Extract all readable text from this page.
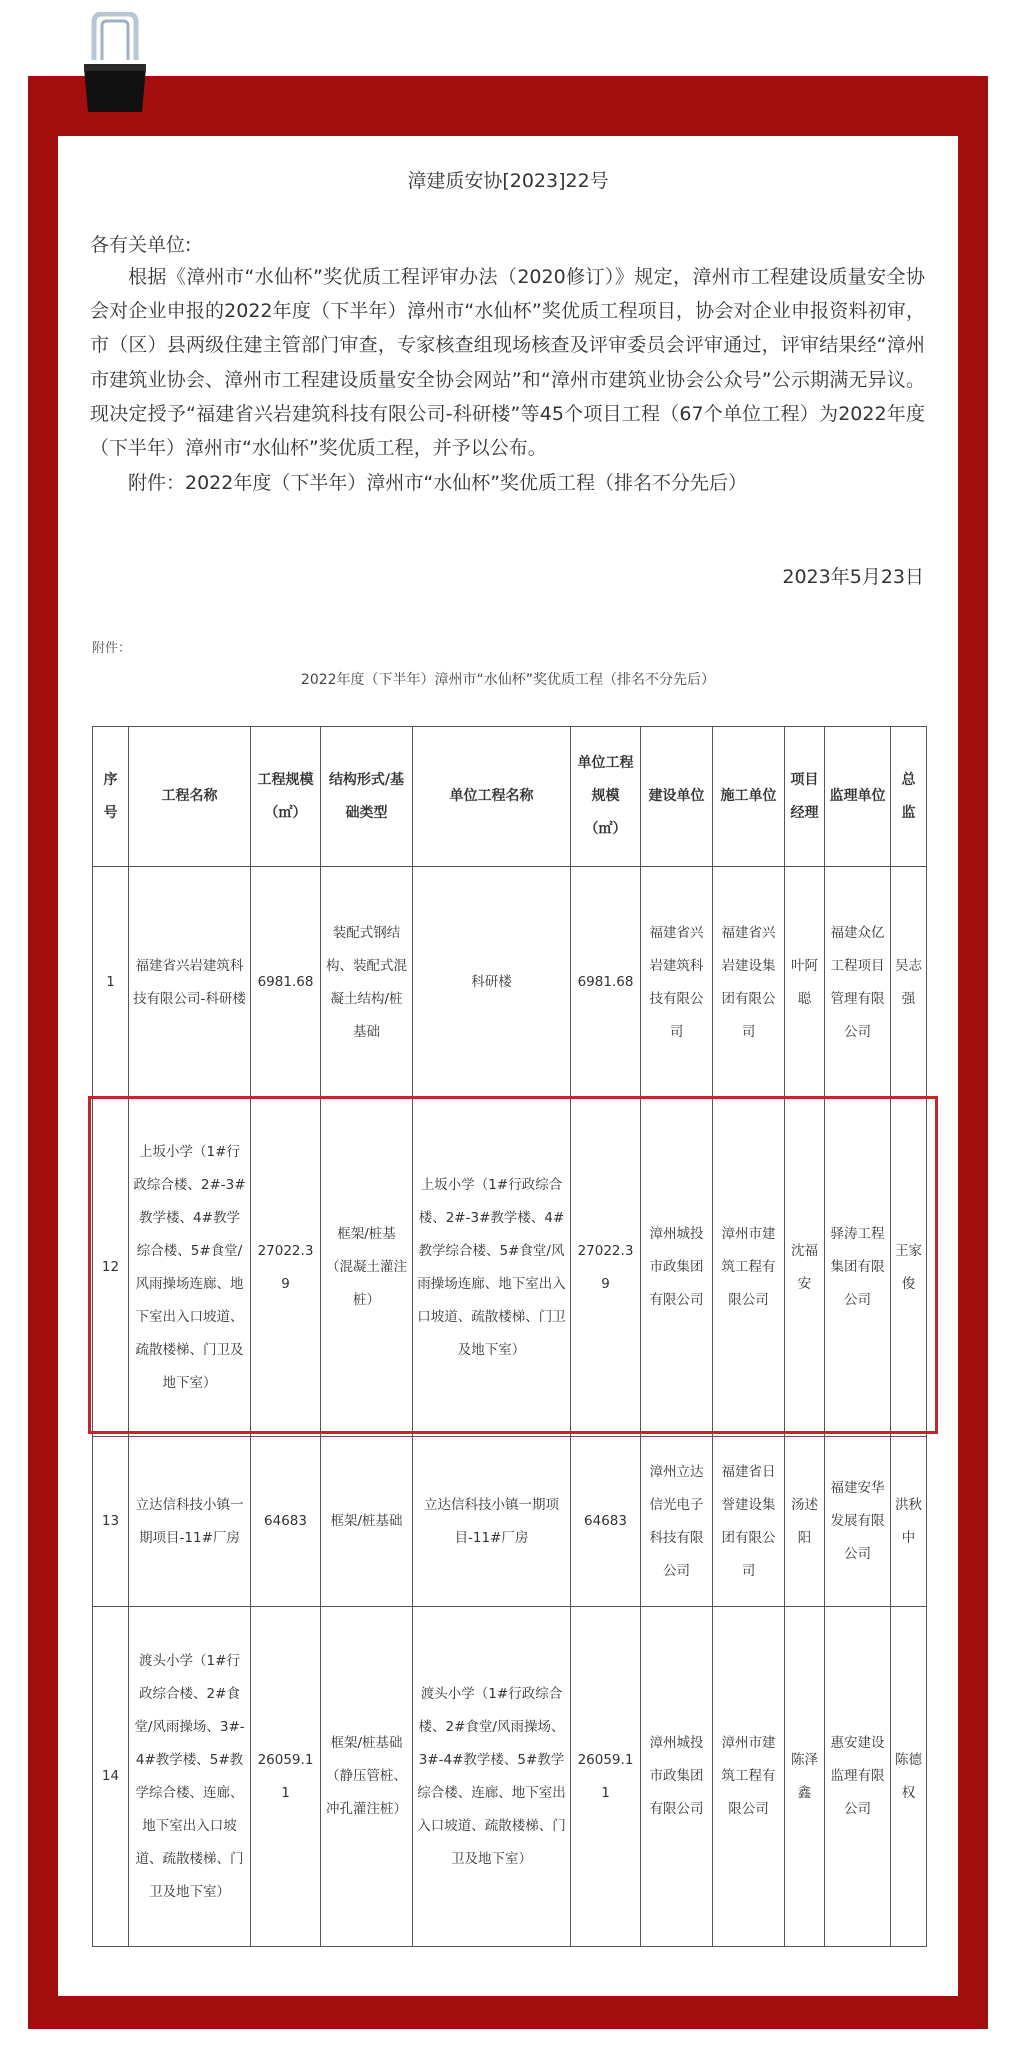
漳建质安协[2023]22号
各有关单位:

根据《漳州市“水仙杯”奖优质工程评审办法（2020修订）》规定，漳州市工程建设质量安全协会对企业申报的2022年度（下半年）漳州市“水仙杯”奖优质工程项目，协会对企业申报资料初审，市（区）县两级住建主管部门审查，专家核查组现场核查及评审委员会评审通过，评审结果经“漳州市建筑业协会、漳州市工程建设质量安全协会网站”和“漳州市建筑业协会公众号”公示期满无异议。现决定授予“福建省兴岩建筑科技有限公司-科研楼”等45个项目工程（67个单位工程）为2022年度（下半年）漳州市“水仙杯”奖优质工程，并予以公布。

附件：2022年度（下半年）漳州市“水仙杯”奖优质工程（排名不分先后）

2023年5月23日
附件：
2022年度（下半年）漳州市“水仙杯”奖优质工程（排名不分先后）
序号	工程名称	工程规模（㎡）	结构形式/基础类型	单位工程名称	单位工程规模（㎡）	建设单位	施工单位	项目经理	监理单位	总监
1	福建省兴岩建筑科技有限公司-科研楼	6981.68	装配式钢结构、装配式混凝土结构/桩基础	科研楼	6981.68	福建省兴岩建筑科技有限公司	福建省兴岩建设集团有限公司	叶阿聪	福建众亿工程项目管理有限公司	吴志强
12	上坂小学（1#行政综合楼、2#-3#教学楼、4#教学综合楼、5#食堂/风雨操场连廊、地下室出入口坡道、疏散楼梯、门卫及地下室）	27022.39	框架/桩基（混凝土灌注桩）	上坂小学（1#行政综合楼、2#-3#教学楼、4#教学综合楼、5#食堂/风雨操场连廊、地下室出入口坡道、疏散楼梯、门卫及地下室）	27022.39	漳州城投市政集团有限公司	漳州市建筑工程有限公司	沈福安	驿涛工程集团有限公司	王家俊
13	立达信科技小镇一期项目-11#厂房	64683	框架/桩基础	立达信科技小镇一期项目-11#厂房	64683	漳州立达信光电子科技有限公司	福建省日誉建设集团有限公司	汤述阳	福建安华发展有限公司	洪秋中
14	渡头小学（1#行政综合楼、2#食堂/风雨操场、3#-4#教学楼、5#教学综合楼、连廊、地下室出入口坡道、疏散楼梯、门卫及地下室）	26059.11	框架/桩基础（静压管桩、冲孔灌注桩）	渡头小学（1#行政综合楼、2#食堂/风雨操场、3#-4#教学楼、5#教学综合楼、连廊、地下室出入口坡道、疏散楼梯、门卫及地下室）	26059.11	漳州城投市政集团有限公司	漳州市建筑工程有限公司	陈泽鑫	惠安建设监理有限公司	陈德权
